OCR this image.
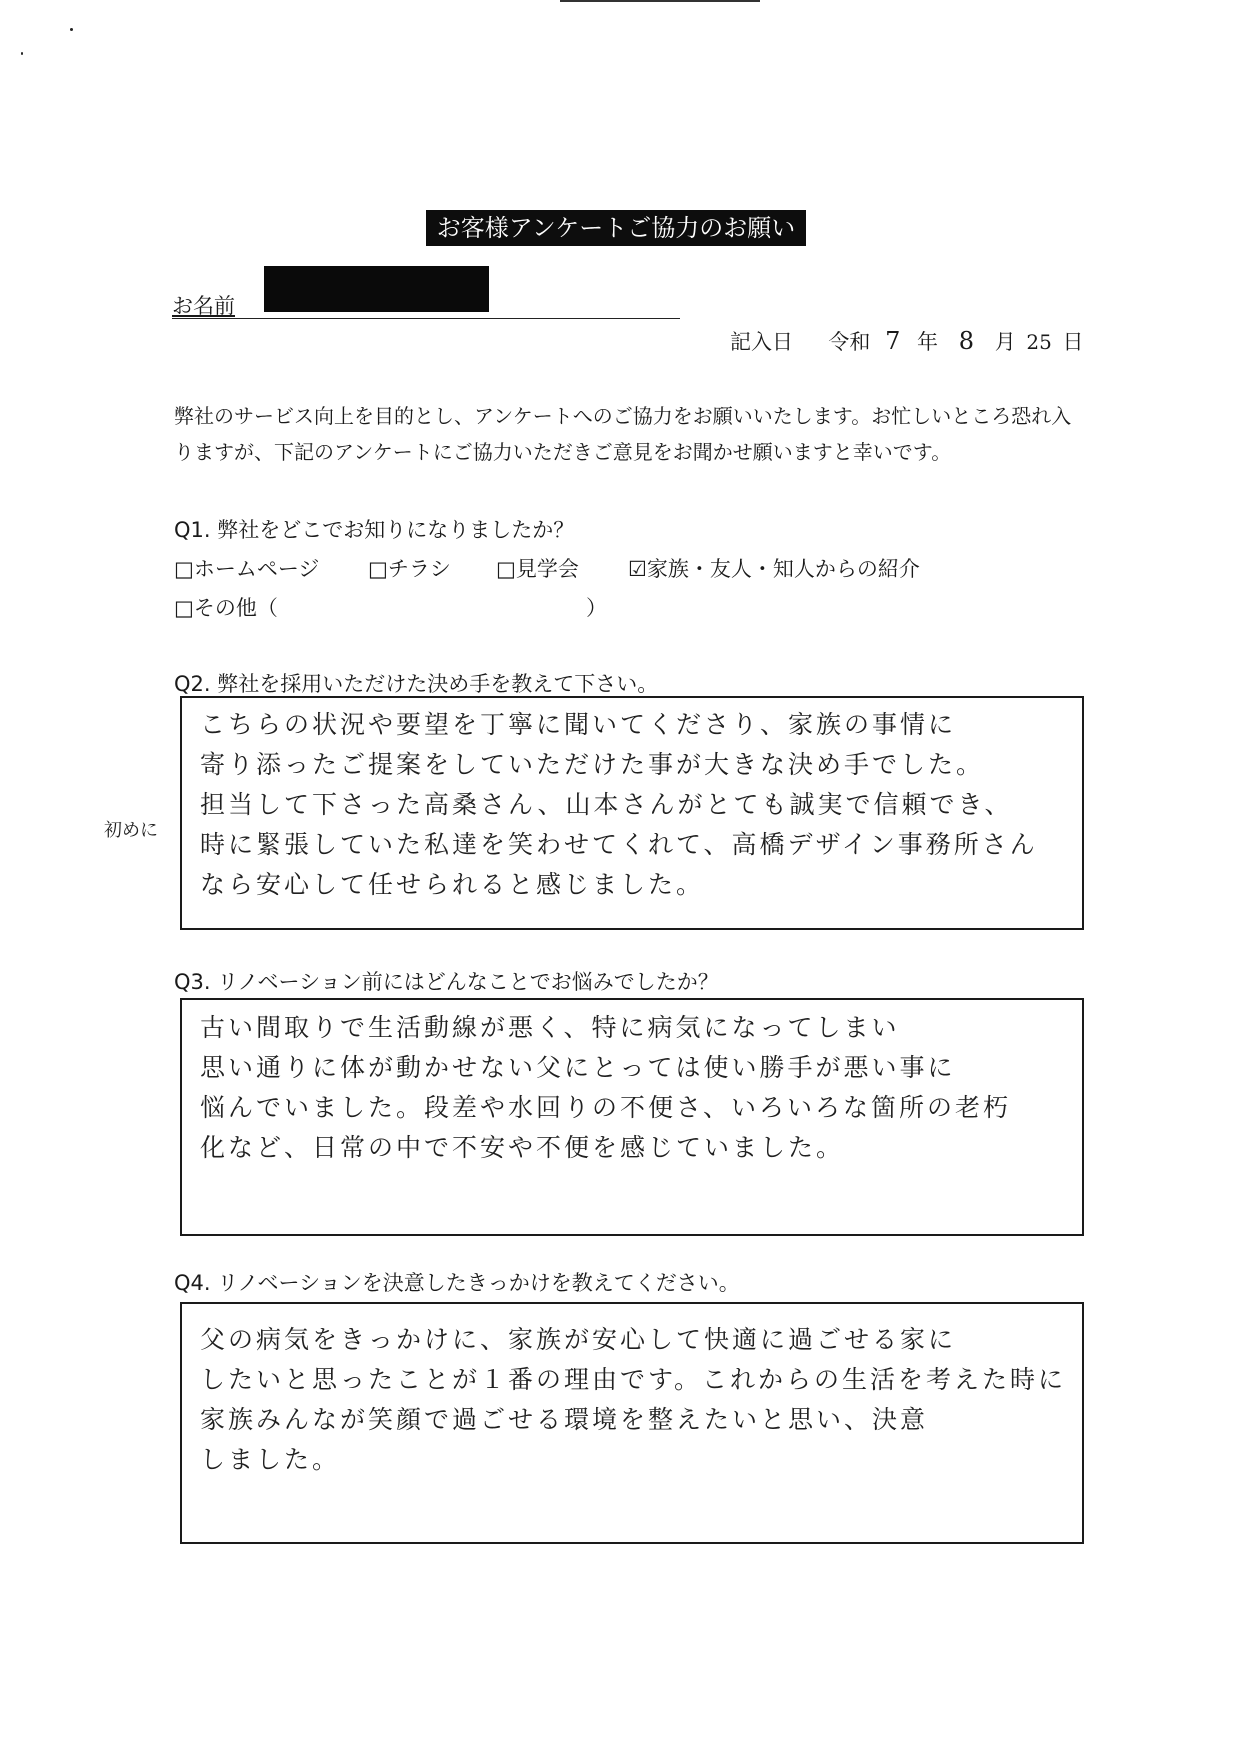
お客様アンケートご協力のお願い
お名前
記入日 令和 7 年 8 月 25 日
弊社のサービス向上を目的とし、アンケートへのご協力をお願いいたします。お忙しいところ恐れ入りますが、下記のアンケートにご協力いただきご意見をお聞かせ願いますと幸いです。
Q1. 弊社をどこでお知りになりましたか？
□ホームページ □チラシ □見学会 ☑家族・友人・知人からの紹介
□その他（	）
Q2. 弊社を採用いただけた決め手を教えて下さい。
初めに
こちらの状況や要望を丁寧に聞いてくださり、家族の事情に
寄り添ったご提案をしていただけた事が大きな決め手でした。
担当して下さった高桑さん、山本さんがとても誠実で信頼でき、
時に緊張していた私達を笑わせてくれて、高橋デザイン事務所さん
なら安心して任せられると感じました。
Q3. リノベーション前にはどんなことでお悩みでしたか？
古い間取りで生活動線が悪く、特に病気になってしまい
思い通りに体が動かせない父にとっては使い勝手が悪い事に
悩んでいました。段差や水回りの不便さ、いろいろな箇所の老朽
化など、日常の中で不安や不便を感じていました。
Q4. リノベーションを決意したきっかけを教えてください。
父の病気をきっかけに、家族が安心して快適に過ごせる家に
したいと思ったことが１番の理由です。これからの生活を考えた時に
家族みんなが笑顔で過ごせる環境を整えたいと思い、決意
しました。
